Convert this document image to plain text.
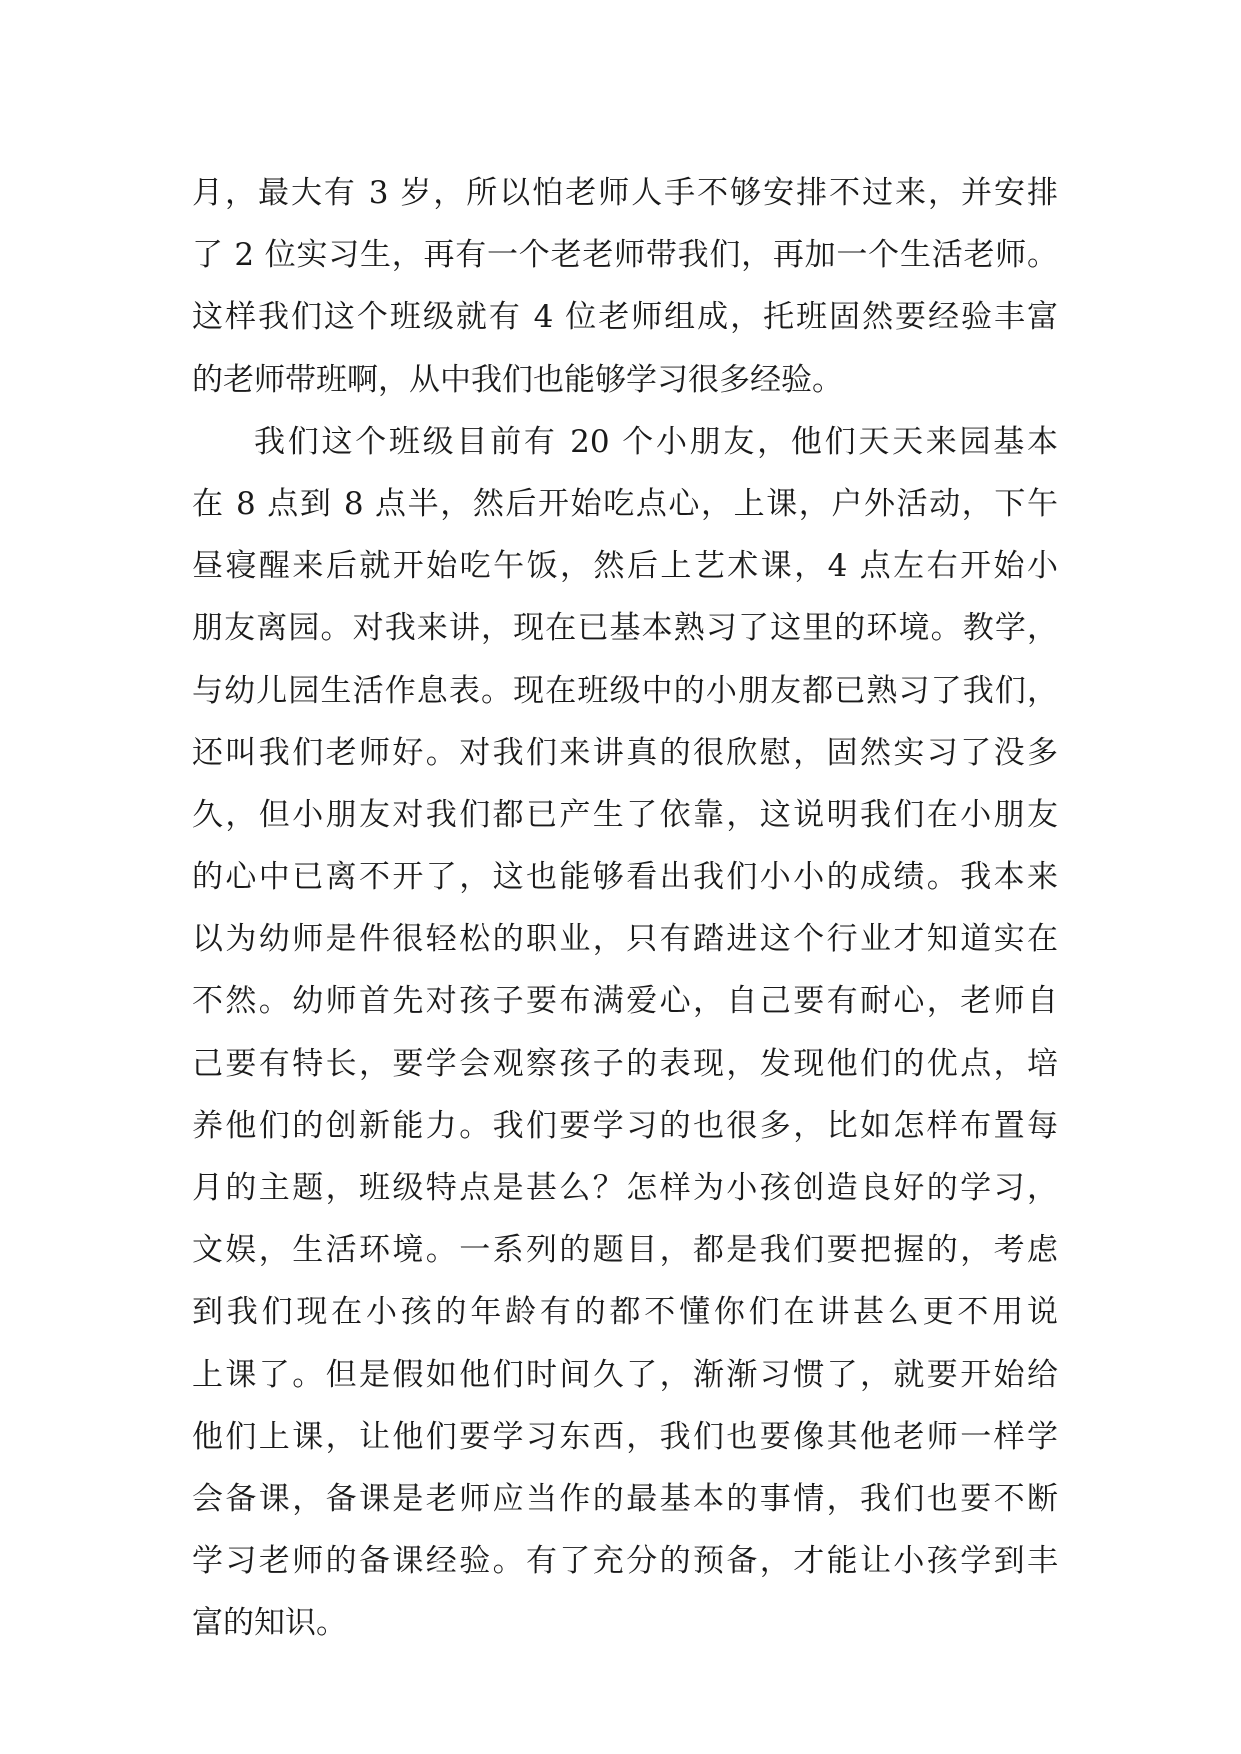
月，最大有 3 岁，所以怕老师人手不够安排不过来，并安排
了 2 位实习生，再有一个老老师带我们，再加一个生活老师。
这样我们这个班级就有 4 位老师组成，托班固然要经验丰富
的老师带班啊，从中我们也能够学习很多经验。
我们这个班级目前有 20 个小朋友，他们天天来园基本
在 8 点到 8 点半，然后开始吃点心，上课，户外活动，下午
昼寝醒来后就开始吃午饭，然后上艺术课，4 点左右开始小
朋友离园。对我来讲，现在已基本熟习了这里的环境。教学，
与幼儿园生活作息表。现在班级中的小朋友都已熟习了我们，
还叫我们老师好。对我们来讲真的很欣慰，固然实习了没多
久，但小朋友对我们都已产生了依靠，这说明我们在小朋友
的心中已离不开了，这也能够看出我们小小的成绩。我本来
以为幼师是件很轻松的职业，只有踏进这个行业才知道实在
不然。幼师首先对孩子要布满爱心，自己要有耐心，老师自
己要有特长，要学会观察孩子的表现，发现他们的优点，培
养他们的创新能力。我们要学习的也很多，比如怎样布置每
月的主题，班级特点是甚么？怎样为小孩创造良好的学习，
文娱，生活环境。一系列的题目，都是我们要把握的，考虑
到我们现在小孩的年龄有的都不懂你们在讲甚么更不用说
上课了。但是假如他们时间久了，渐渐习惯了，就要开始给
他们上课，让他们要学习东西，我们也要像其他老师一样学
会备课，备课是老师应当作的最基本的事情，我们也要不断
学习老师的备课经验。有了充分的预备，才能让小孩学到丰
富的知识。
